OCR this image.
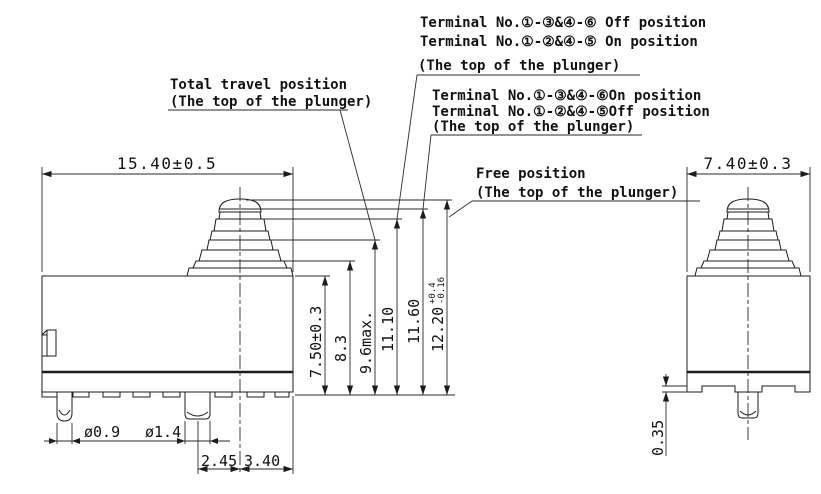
15.40±0.5	7.40±0.3
7.50±0.3 8.3 9.6max. 11.10 11.60 12.20
+0.4 -0.16
ø0.9 ø1.4
2.45 3.40
0.35
Terminal No.①-③&④-⑥ Off position
Terminal No.①-②&④-⑤ On position
(The top of the plunger)
Terminal No.①-③&④-⑥On position
Terminal No.①-②&④-⑤Off position
(The top of the plunger)
Total travel position
(The top of the plunger)
Free position
(The top of the plunger)
